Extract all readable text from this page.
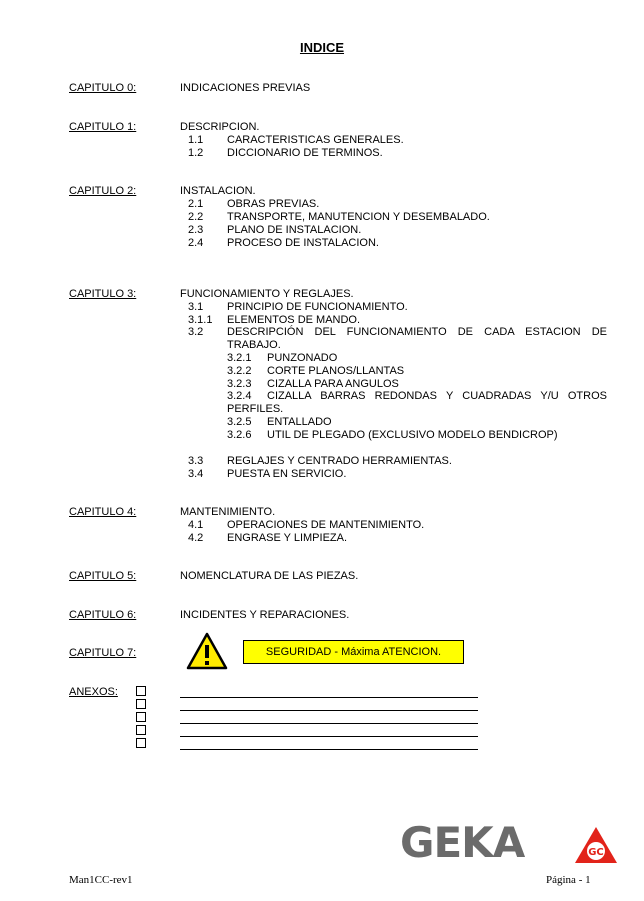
INDICE
CAPITULO 0:	INDICACIONES PREVIAS
CAPITULO 1:	DESCRIPCION.
1.1 CARACTERISTICAS GENERALES.
1.2 DICCIONARIO DE TERMINOS.
CAPITULO 2:	INSTALACION.
2.1 OBRAS PREVIAS.
2.2 TRANSPORTE, MANUTENCION Y DESEMBALADO.
2.3 PLANO DE INSTALACION.
2.4 PROCESO DE INSTALACION.
CAPITULO 3:	FUNCIONAMIENTO Y REGLAJES.
3.1 PRINCIPIO DE FUNCIONAMIENTO.
3.1.1 ELEMENTOS DE MANDO.
3.2 DESCRIPCIÓN DEL FUNCIONAMIENTO DE CADA ESTACION DE
TRABAJO.
3.2.1 PUNZONADO
3.2.2 CORTE PLANOS/LLANTAS
3.2.3 CIZALLA PARA ANGULOS
3.2.4 CIZALLA BARRAS REDONDAS Y CUADRADAS Y/U OTROS
PERFILES.
3.2.5 ENTALLADO
3.2.6 UTIL DE PLEGADO (EXCLUSIVO MODELO BENDICROP)
3.3 REGLAJES Y CENTRADO HERRAMIENTAS.
3.4 PUESTA EN SERVICIO.
CAPITULO 4:	MANTENIMIENTO.
4.1 OPERACIONES DE MANTENIMIENTO.
4.2 ENGRASE Y LIMPIEZA.
CAPITULO 5:	NOMENCLATURA DE LAS PIEZAS.
CAPITULO 6:	INCIDENTES Y REPARACIONES.
CAPITULO 7:	SEGURIDAD - Máxima ATENCION.
ANEXOS:
GEKA	GC
Man1CC-rev1	Página - 1
